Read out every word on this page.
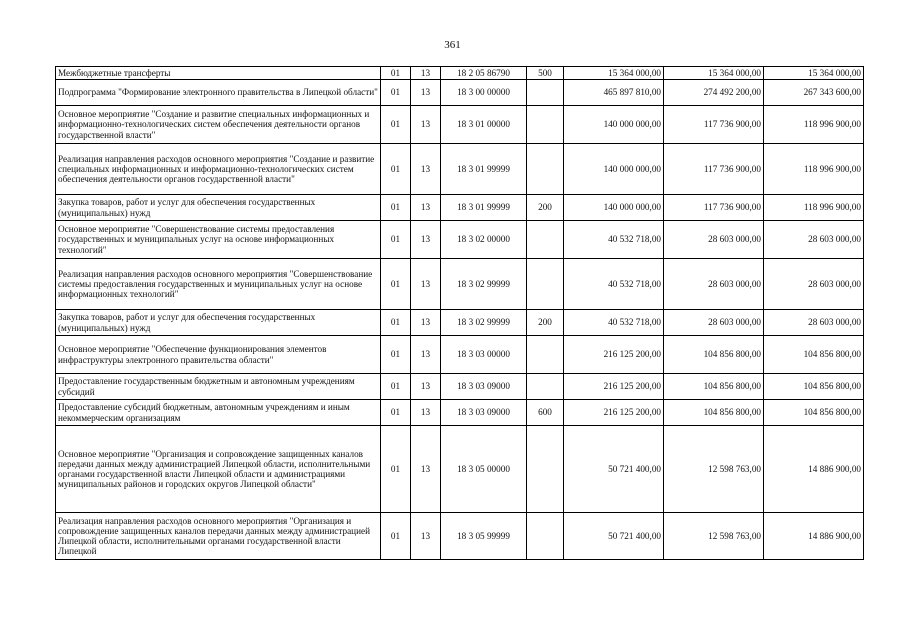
361
Межбюджетные трансферты	01	13	18 2 05 86790	500	15 364 000,00	15 364 000,00	15 364 000,00
Подпрограмма "Формирование электронного правительства в Липецкой области"	01	13	18 3 00 00000		465 897 810,00	274 492 200,00	267 343 600,00
Основное мероприятие "Создание и развитие специальных информационных и информационно-технологических систем обеспечения деятельности органов государственной власти"	01	13	18 3 01 00000		140 000 000,00	117 736 900,00	118 996 900,00
Реализация направления расходов основного мероприятия "Создание и развитие специальных информационных и информационно-технологических систем обеспечения деятельности органов государственной власти"	01	13	18 3 01 99999		140 000 000,00	117 736 900,00	118 996 900,00
Закупка товаров, работ и услуг для обеспечения государственных (муниципальных) нужд	01	13	18 3 01 99999	200	140 000 000,00	117 736 900,00	118 996 900,00
Основное мероприятие "Совершенствование системы предоставления государственных и муниципальных услуг на основе информационных технологий"	01	13	18 3 02 00000		40 532 718,00	28 603 000,00	28 603 000,00
Реализация направления расходов основного мероприятия "Совершенствование системы предоставления государственных и муниципальных услуг на основе информационных технологий"	01	13	18 3 02 99999		40 532 718,00	28 603 000,00	28 603 000,00
Закупка товаров, работ и услуг для обеспечения государственных (муниципальных) нужд	01	13	18 3 02 99999	200	40 532 718,00	28 603 000,00	28 603 000,00
Основное мероприятие "Обеспечение функционирования элементов инфраструктуры электронного правительства области"	01	13	18 3 03 00000		216 125 200,00	104 856 800,00	104 856 800,00
Предоставление государственным бюджетным и автономным учреждениям субсидий	01	13	18 3 03 09000		216 125 200,00	104 856 800,00	104 856 800,00
Предоставление субсидий бюджетным, автономным учреждениям и иным некоммерческим организациям	01	13	18 3 03 09000	600	216 125 200,00	104 856 800,00	104 856 800,00
Основное мероприятие "Организация и сопровождение защищенных каналов передачи данных между администрацией Липецкой области, исполнительными органами государственной власти Липецкой области и администрациями муниципальных районов и городских округов Липецкой области"	01	13	18 3 05 00000		50 721 400,00	12 598 763,00	14 886 900,00
Реализация направления расходов основного мероприятия "Организация и сопровождение защищенных каналов передачи данных между администрацией Липецкой области, исполнительными органами государственной власти Липецкой	01	13	18 3 05 99999		50 721 400,00	12 598 763,00	14 886 900,00
